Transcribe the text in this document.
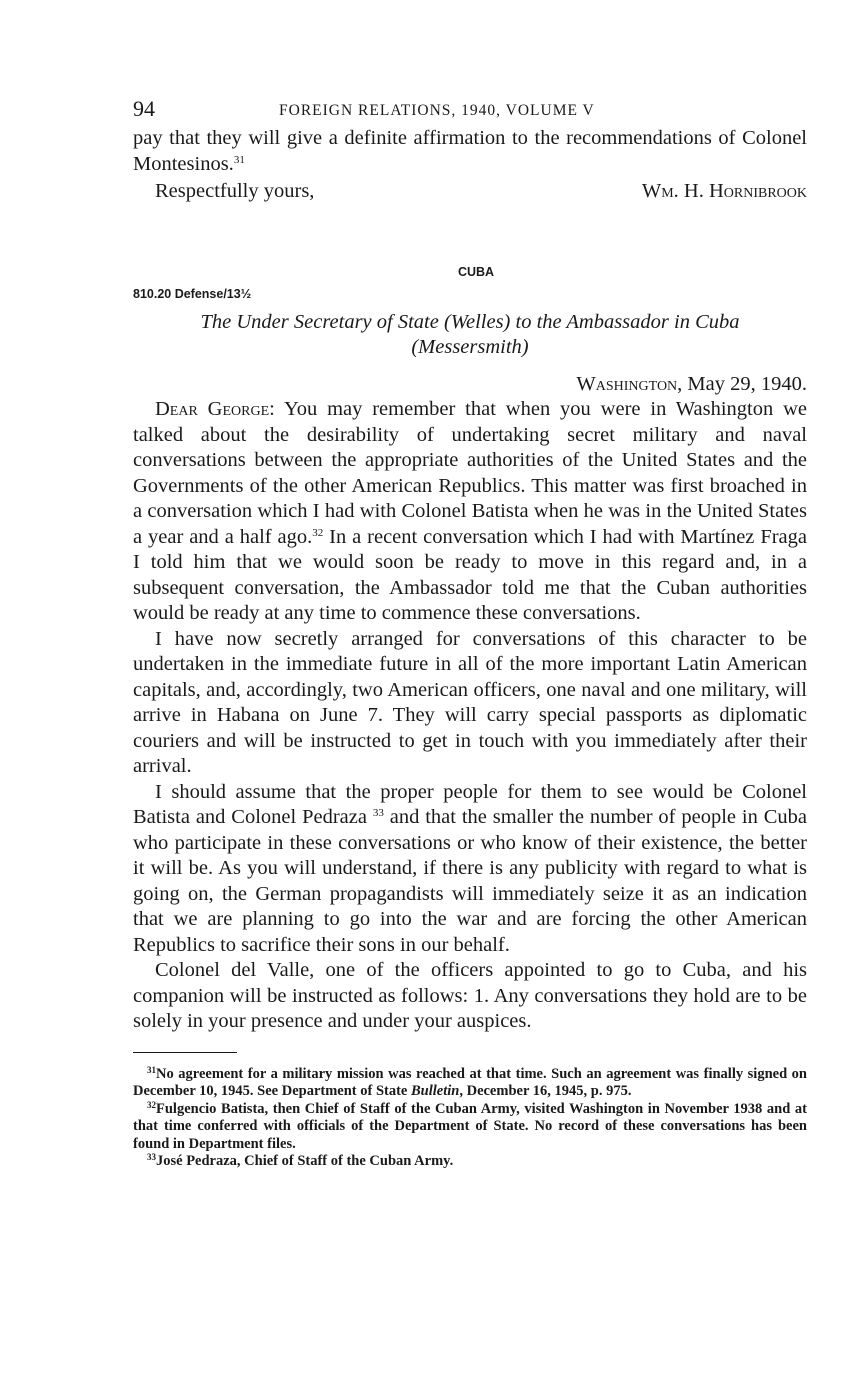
94	FOREIGN RELATIONS, 1940, VOLUME V

pay that they will give a definite affirmation to the recommendations of Colonel Montesinos.$^{31}$

Respectfully yours,	Wm. H. Hornibrook
CUBA
810.20 Defense/13½
The Under Secretary of State (Welles) to the Ambassador in Cuba
(Messersmith)
Washington, May 29, 1940.

Dear George: You may remember that when you were in Washington we talked about the desirability of undertaking secret military and naval conversations between the appropriate authorities of the United States and the Governments of the other American Republics. This matter was first broached in a conversation which I had with Colonel Batista when he was in the United States a year and a half ago.$^{32}$ In a recent conversation which I had with Martínez Fraga I told him that we would soon be ready to move in this regard and, in a subsequent conversation, the Ambassador told me that the Cuban authorities would be ready at any time to commence these conversations.

I have now secretly arranged for conversations of this character to be undertaken in the immediate future in all of the more important Latin American capitals, and, accordingly, two American officers, one naval and one military, will arrive in Habana on June 7. They will carry special passports as diplomatic couriers and will be instructed to get in touch with you immediately after their arrival.

I should assume that the proper people for them to see would be Colonel Batista and Colonel Pedraza $^{33}$ and that the smaller the number of people in Cuba who participate in these conversations or who know of their existence, the better it will be. As you will understand, if there is any publicity with regard to what is going on, the German propagandists will immediately seize it as an indication that we are planning to go into the war and are forcing the other American Republics to sacrifice their sons in our behalf.

Colonel del Valle, one of the officers appointed to go to Cuba, and his companion will be instructed as follows: 1. Any conversations they hold are to be solely in your presence and under your auspices.

$^{31}$No agreement for a military mission was reached at that time. Such an agreement was finally signed on December 10, 1945. See Department of State Bulletin, December 16, 1945, p. 975.

$^{32}$Fulgencio Batista, then Chief of Staff of the Cuban Army, visited Washington in November 1938 and at that time conferred with officials of the Department of State. No record of these conversations has been found in Department files.

$^{33}$José Pedraza, Chief of Staff of the Cuban Army.
